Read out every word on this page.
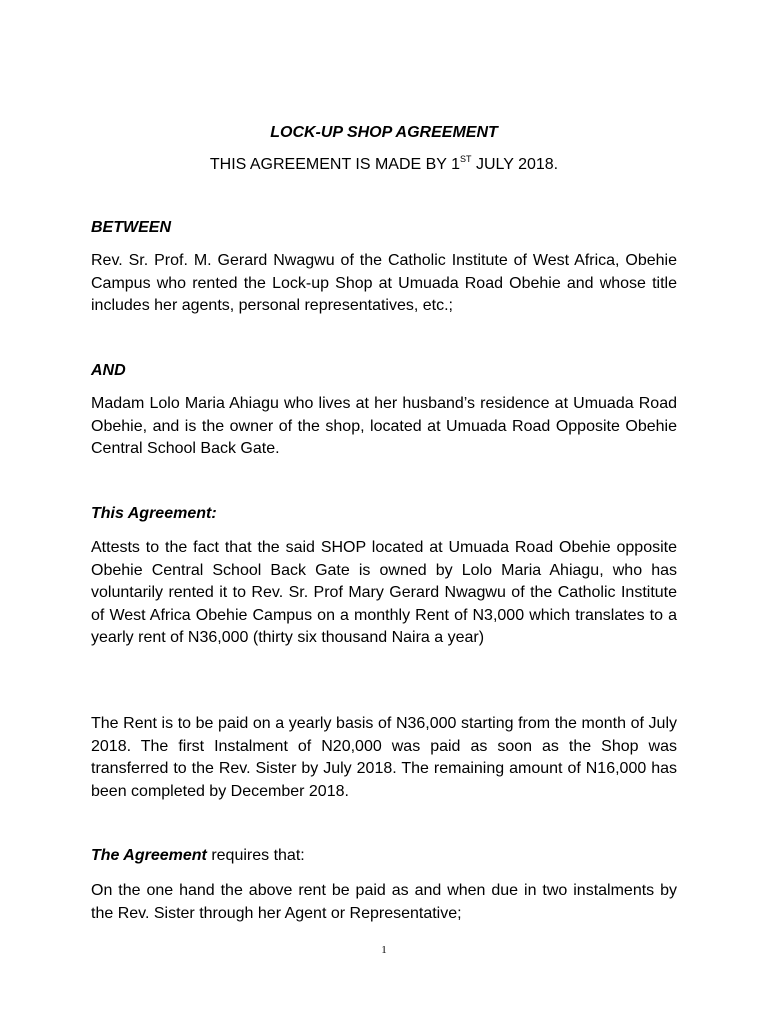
LOCK-UP SHOP AGREEMENT
THIS AGREEMENT IS MADE BY 1ST JULY 2018.
BETWEEN
Rev. Sr. Prof. M. Gerard Nwagwu of the Catholic Institute of West Africa, Obehie Campus who rented the Lock-up Shop at Umuada Road Obehie and whose title includes her agents, personal representatives, etc.;
AND
Madam Lolo Maria Ahiagu who lives at her husband’s residence at Umuada Road Obehie, and is the owner of the shop, located at Umuada Road Opposite Obehie Central School Back Gate.
This Agreement:
Attests to the fact that the said SHOP located at Umuada Road Obehie opposite Obehie Central School Back Gate is owned by Lolo Maria Ahiagu, who has voluntarily rented it to Rev. Sr. Prof Mary Gerard Nwagwu of the Catholic Institute of West Africa Obehie Campus on a monthly Rent of N3,000 which translates to a yearly rent of N36,000 (thirty six thousand Naira a year)
The Rent is to be paid on a yearly basis of N36,000 starting from the month of July 2018. The first Instalment of N20,000 was paid as soon as the Shop was transferred to the Rev. Sister by July 2018. The remaining amount of N16,000 has been completed by December 2018.
The Agreement requires that:
On the one hand the above rent be paid as and when due in two instalments by the Rev. Sister through her Agent or Representative;
1
